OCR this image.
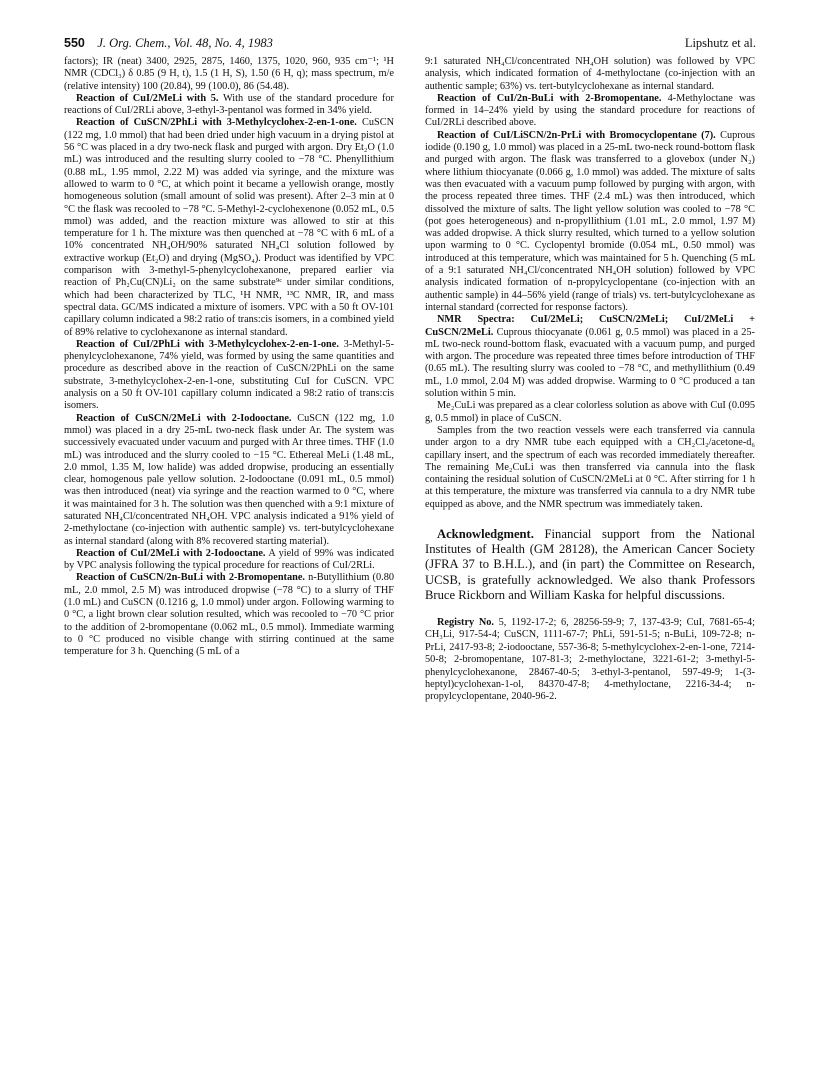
550 J. Org. Chem., Vol. 48, No. 4, 1983	Lipshutz et al.

factors); IR (neat) 3400, 2925, 2875, 1460, 1375, 1020, 960, 935 cm⁻¹; ¹H NMR (CDCl₃) δ 0.85 (9 H, t), 1.5 (1 H, S), 1.50 (6 H, q); mass spectrum, m/e (relative intensity) 100 (20.84), 99 (100.0), 86 (54.48).

Reaction of CuI/2MeLi with 5. With use of the standard procedure for reactions of CuI/2RLi above, 3-ethyl-3-pentanol was formed in 34% yield.

Reaction of CuSCN/2PhLi with 3-Methylcyclohex-2-en-1-one. CuSCN (122 mg, 1.0 mmol) that had been dried under high vacuum in a drying pistol at 56 °C was placed in a dry two-neck flask and purged with argon. Dry Et₂O (1.0 mL) was introduced and the resulting slurry cooled to −78 °C. Phenyllithium (0.88 mL, 1.95 mmol, 2.22 M) was added via syringe, and the mixture was allowed to warm to 0 °C, at which point it became a yellowish orange, mostly homogeneous solution (small amount of solid was present). After 2–3 min at 0 °C the flask was recooled to −78 °C. 5-Methyl-2-cyclohexenone (0.052 mL, 0.5 mmol) was added, and the reaction mixture was allowed to stir at this temperature for 1 h. The mixture was then quenched at −78 °C with 6 mL of a 10% concentrated NH₄OH/90% saturated NH₄Cl solution followed by extractive workup (Et₂O) and drying (MgSO₄). Product was identified by VPC comparison with 3-methyl-5-phenylcyclohexanone, prepared earlier via reaction of Ph₂Cu(CN)Li₂ on the same substrate⁹ᶜ under similar conditions, which had been characterized by TLC, ¹H NMR, ¹³C NMR, IR, and mass spectral data. GC/MS indicated a mixture of isomers. VPC with a 50 ft OV-101 capillary column indicated a 98:2 ratio of trans:cis isomers, in a combined yield of 89% relative to cyclohexanone as internal standard.

Reaction of CuI/2PhLi with 3-Methylcyclohex-2-en-1-one. 3-Methyl-5-phenylcyclohexanone, 74% yield, was formed by using the same quantities and procedure as described above in the reaction of CuSCN/2PhLi on the same substrate, 3-methylcyclohex-2-en-1-one, substituting CuI for CuSCN. VPC analysis on a 50 ft OV-101 capillary column indicated a 98:2 ratio of trans:cis isomers.

Reaction of CuSCN/2MeLi with 2-Iodooctane. CuSCN (122 mg, 1.0 mmol) was placed in a dry 25-mL two-neck flask under Ar. The system was successively evacuated under vacuum and purged with Ar three times. THF (1.0 mL) was introduced and the slurry cooled to −15 °C. Ethereal MeLi (1.48 mL, 2.0 mmol, 1.35 M, low halide) was added dropwise, producing an essentially clear, homogenous pale yellow solution. 2-Iodooctane (0.091 mL, 0.5 mmol) was then introduced (neat) via syringe and the reaction warmed to 0 °C, where it was maintained for 3 h. The solution was then quenched with a 9:1 mixture of saturated NH₄Cl/concentrated NH₄OH. VPC analysis indicated a 91% yield of 2-methyloctane (co-injection with authentic sample) vs. tert-butylcyclohexane as internal standard (along with 8% recovered starting material).

Reaction of CuI/2MeLi with 2-Iodooctane. A yield of 99% was indicated by VPC analysis following the typical procedure for reactions of CuI/2RLi.

Reaction of CuSCN/2n-BuLi with 2-Bromopentane. n-Butyllithium (0.80 mL, 2.0 mmol, 2.5 M) was introduced dropwise (−78 °C) to a slurry of THF (1.0 mL) and CuSCN (0.1216 g, 1.0 mmol) under argon. Following warming to 0 °C, a light brown clear solution resulted, which was recooled to −70 °C prior to the addition of 2-bromopentane (0.062 mL, 0.5 mmol). Immediate warming to 0 °C produced no visible change with stirring continued at the same temperature for 3 h. Quenching (5 mL of a

9:1 saturated NH₄Cl/concentrated NH₄OH solution) was followed by VPC analysis, which indicated formation of 4-methyloctane (co-injection with an authentic sample; 63%) vs. tert-butylcyclohexane as internal standard.

Reaction of CuI/2n-BuLi with 2-Bromopentane. 4-Methyloctane was formed in 14–24% yield by using the standard procedure for reactions of CuI/2RLi described above.

Reaction of CuI/LiSCN/2n-PrLi with Bromocyclopentane (7). Cuprous iodide (0.190 g, 1.0 mmol) was placed in a 25-mL two-neck round-bottom flask and purged with argon. The flask was transferred to a glovebox (under N₂) where lithium thiocyanate (0.066 g, 1.0 mmol) was added. The mixture of salts was then evacuated with a vacuum pump followed by purging with argon, with the process repeated three times. THF (2.4 mL) was then introduced, which dissolved the mixture of salts. The light yellow solution was cooled to −78 °C (pot goes heterogeneous) and n-propyllithium (1.01 mL, 2.0 mmol, 1.97 M) was added dropwise. A thick slurry resulted, which turned to a yellow solution upon warming to 0 °C. Cyclopentyl bromide (0.054 mL, 0.50 mmol) was introduced at this temperature, which was maintained for 5 h. Quenching (5 mL of a 9:1 saturated NH₄Cl/concentrated NH₄OH solution) followed by VPC analysis indicated formation of n-propylcyclopentane (co-injection with an authentic sample) in 44–56% yield (range of trials) vs. tert-butylcyclohexane as internal standard (corrected for response factors).

NMR Spectra: CuI/2MeLi; CuSCN/2MeLi; CuI/2MeLi + CuSCN/2MeLi. Cuprous thiocyanate (0.061 g, 0.5 mmol) was placed in a 25-mL two-neck round-bottom flask, evacuated with a vacuum pump, and purged with argon. The procedure was repeated three times before introduction of THF (0.65 mL). The resulting slurry was cooled to −78 °C, and methyllithium (0.49 mL, 1.0 mmol, 2.04 M) was added dropwise. Warming to 0 °C produced a tan solution within 5 min.

Me₂CuLi was prepared as a clear colorless solution as above with CuI (0.095 g, 0.5 mmol) in place of CuSCN.

Samples from the two reaction vessels were each transferred via cannula under argon to a dry NMR tube each equipped with a CH₂Cl₂/acetone-d₆ capillary insert, and the spectrum of each was recorded immediately thereafter. The remaining Me₂CuLi was then transferred via cannula into the flask containing the residual solution of CuSCN/2MeLi at 0 °C. After stirring for 1 h at this temperature, the mixture was transferred via cannula to a dry NMR tube equipped as above, and the NMR spectrum was immediately taken.

Acknowledgment. Financial support from the National Institutes of Health (GM 28128), the American Cancer Society (JFRA 37 to B.H.L.), and (in part) the Committee on Research, UCSB, is gratefully acknowledged. We also thank Professors Bruce Rickborn and William Kaska for helpful discussions.

Registry No. 5, 1192-17-2; 6, 28256-59-9; 7, 137-43-9; CuI, 7681-65-4; CH₃Li, 917-54-4; CuSCN, 1111-67-7; PhLi, 591-51-5; n-BuLi, 109-72-8; n-PrLi, 2417-93-8; 2-iodooctane, 557-36-8; 5-methylcyclohex-2-en-1-one, 7214-50-8; 2-bromopentane, 107-81-3; 2-methyloctane, 3221-61-2; 3-methyl-5-phenylcyclohexanone, 28467-40-5; 3-ethyl-3-pentanol, 597-49-9; 1-(3-heptyl)cyclohexan-1-ol, 84370-47-8; 4-methyloctane, 2216-34-4; n-propylcyclopentane, 2040-96-2.
